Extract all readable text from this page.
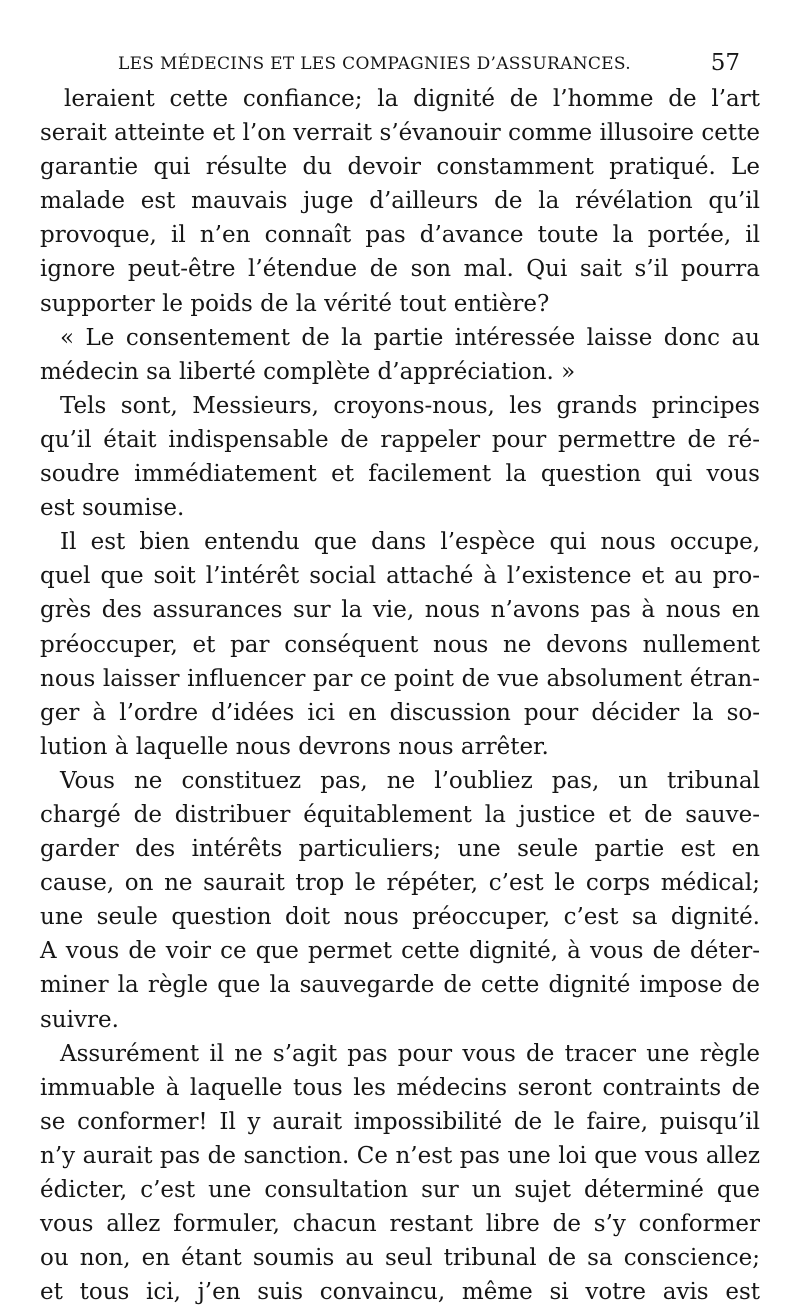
LES MÉDECINS ET LES COMPAGNIES D’ASSURANCES.	57
leraient cette confiance; la dignité de l’homme de l’art
serait atteinte et l’on verrait s’évanouir comme illusoire cette
garantie qui résulte du devoir constamment pratiqué. Le
malade est mauvais juge d’ailleurs de la révélation qu’il
provoque, il n’en connaît pas d’avance toute la portée, il
ignore peut-être l’étendue de son mal. Qui sait s’il pourra
supporter le poids de la vérité tout entière?
« Le consentement de la partie intéressée laisse donc au
médecin sa liberté complète d’appréciation. »
Tels sont, Messieurs, croyons-nous, les grands principes
qu’il était indispensable de rappeler pour permettre de ré-
soudre immédiatement et facilement la question qui vous
est soumise.
Il est bien entendu que dans l’espèce qui nous occupe,
quel que soit l’intérêt social attaché à l’existence et au pro-
grès des assurances sur la vie, nous n’avons pas à nous en
préoccuper, et par conséquent nous ne devons nullement
nous laisser influencer par ce point de vue absolument étran-
ger à l’ordre d’idées ici en discussion pour décider la so-
lution à laquelle nous devrons nous arrêter.
Vous ne constituez pas, ne l’oubliez pas, un tribunal
chargé de distribuer équitablement la justice et de sauve-
garder des intérêts particuliers; une seule partie est en
cause, on ne saurait trop le répéter, c’est le corps médical;
une seule question doit nous préoccuper, c’est sa dignité.
A vous de voir ce que permet cette dignité, à vous de déter-
miner la règle que la sauvegarde de cette dignité impose de
suivre.
Assurément il ne s’agit pas pour vous de tracer une règle
immuable à laquelle tous les médecins seront contraints de
se conformer! Il y aurait impossibilité de le faire, puisqu’il
n’y aurait pas de sanction. Ce n’est pas une loi que vous allez
édicter, c’est une consultation sur un sujet déterminé que
vous allez formuler, chacun restant libre de s’y conformer
ou non, en étant soumis au seul tribunal de sa conscience;
et tous ici, j’en suis convaincu, même si votre avis est
